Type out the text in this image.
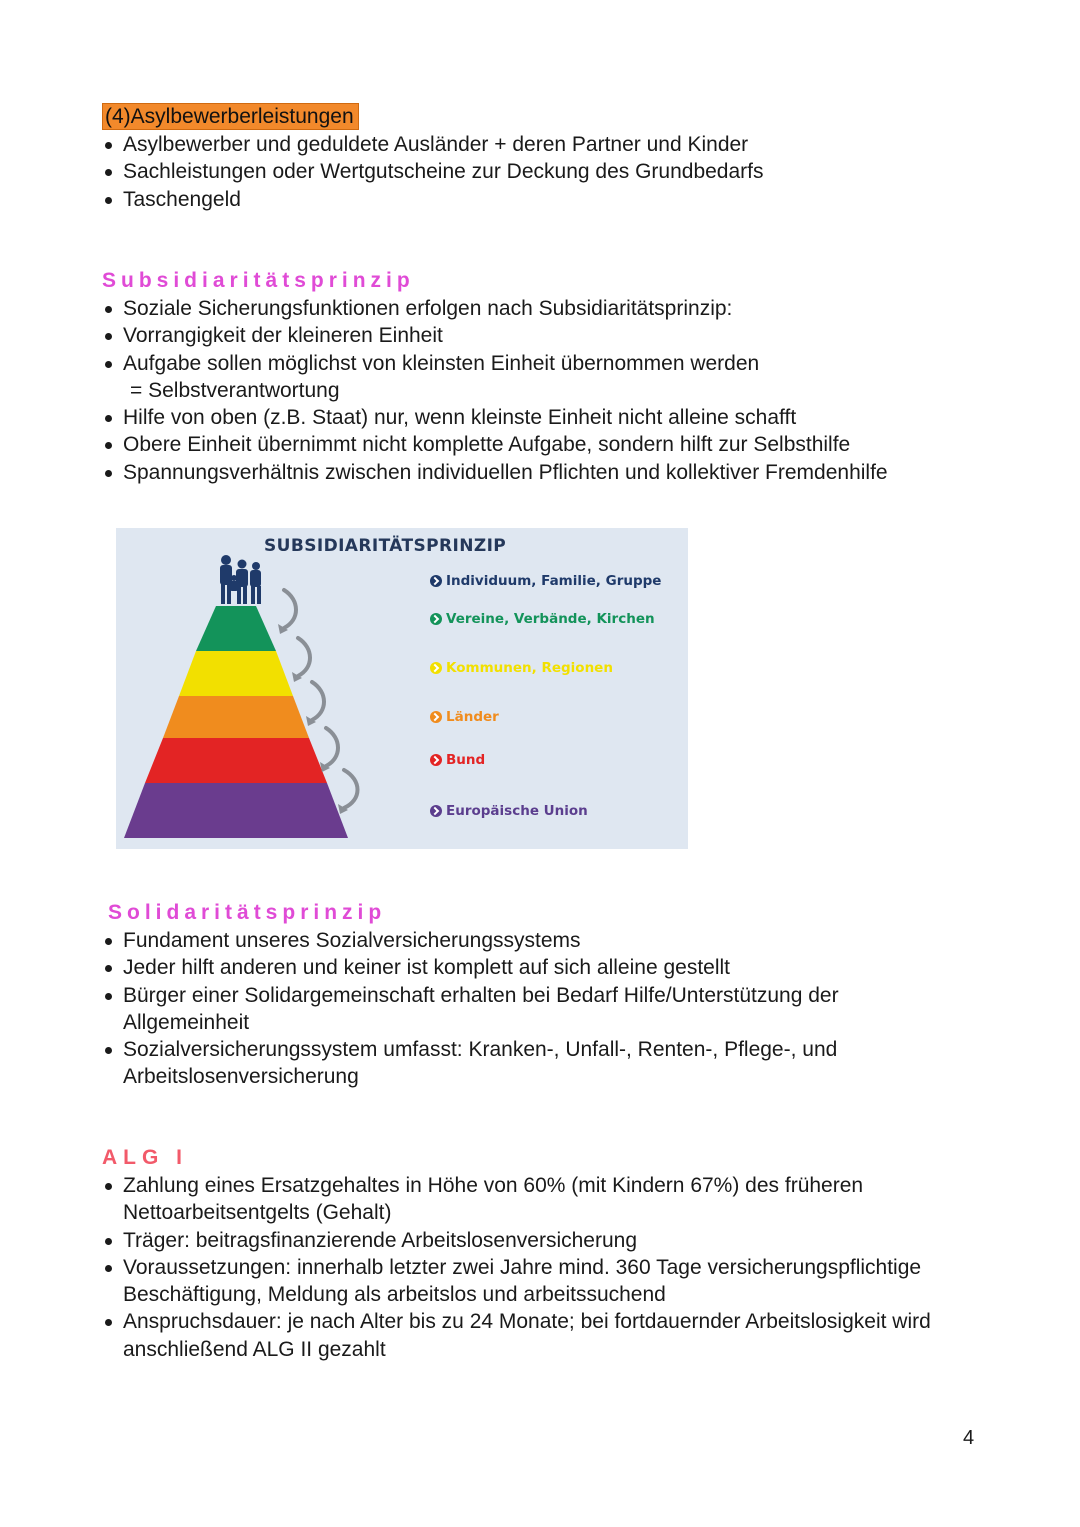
(4)Asylbewerberleistungen
Asylbewerber und geduldete Ausländer + deren Partner und Kinder
Sachleistungen oder Wertgutscheine zur Deckung des Grundbedarfs
Taschengeld
Subsidiaritätsprinzip
Soziale Sicherungsfunktionen erfolgen nach Subsidiaritätsprinzip:
Vorrangigkeit der kleineren Einheit
Aufgabe sollen möglichst von kleinsten Einheit übernommen werden
= Selbstverantwortung
Hilfe von oben (z.B. Staat) nur, wenn kleinste Einheit nicht alleine schafft
Obere Einheit übernimmt nicht komplette Aufgabe, sondern hilft zur Selbsthilfe
Spannungsverhältnis zwischen individuellen Pflichten und kollektiver Fremdenhilfe
SUBSIDIARITÄTSPRINZIP
Individuum, Familie, Gruppe
Vereine, Verbände, Kirchen
Kommunen, Regionen
Länder
Bund
Europäische Union
Solidaritätsprinzip
Fundament unseres Sozialversicherungssystems
Jeder hilft anderen und keiner ist komplett auf sich alleine gestellt
Bürger einer Solidargemeinschaft erhalten bei Bedarf Hilfe/Unterstützung der
Allgemeinheit
Sozialversicherungssystem umfasst: Kranken-, Unfall-, Renten-, Pflege-, und
Arbeitslosenversicherung
ALG I
Zahlung eines Ersatzgehaltes in Höhe von 60% (mit Kindern 67%) des früheren
Nettoarbeitsentgelts (Gehalt)
Träger: beitragsfinanzierende Arbeitslosenversicherung
Voraussetzungen: innerhalb letzter zwei Jahre mind. 360 Tage versicherungspflichtige
Beschäftigung, Meldung als arbeitslos und arbeitssuchend
Anspruchsdauer: je nach Alter bis zu 24 Monate; bei fortdauernder Arbeitslosigkeit wird
anschließend ALG II gezahlt
4
